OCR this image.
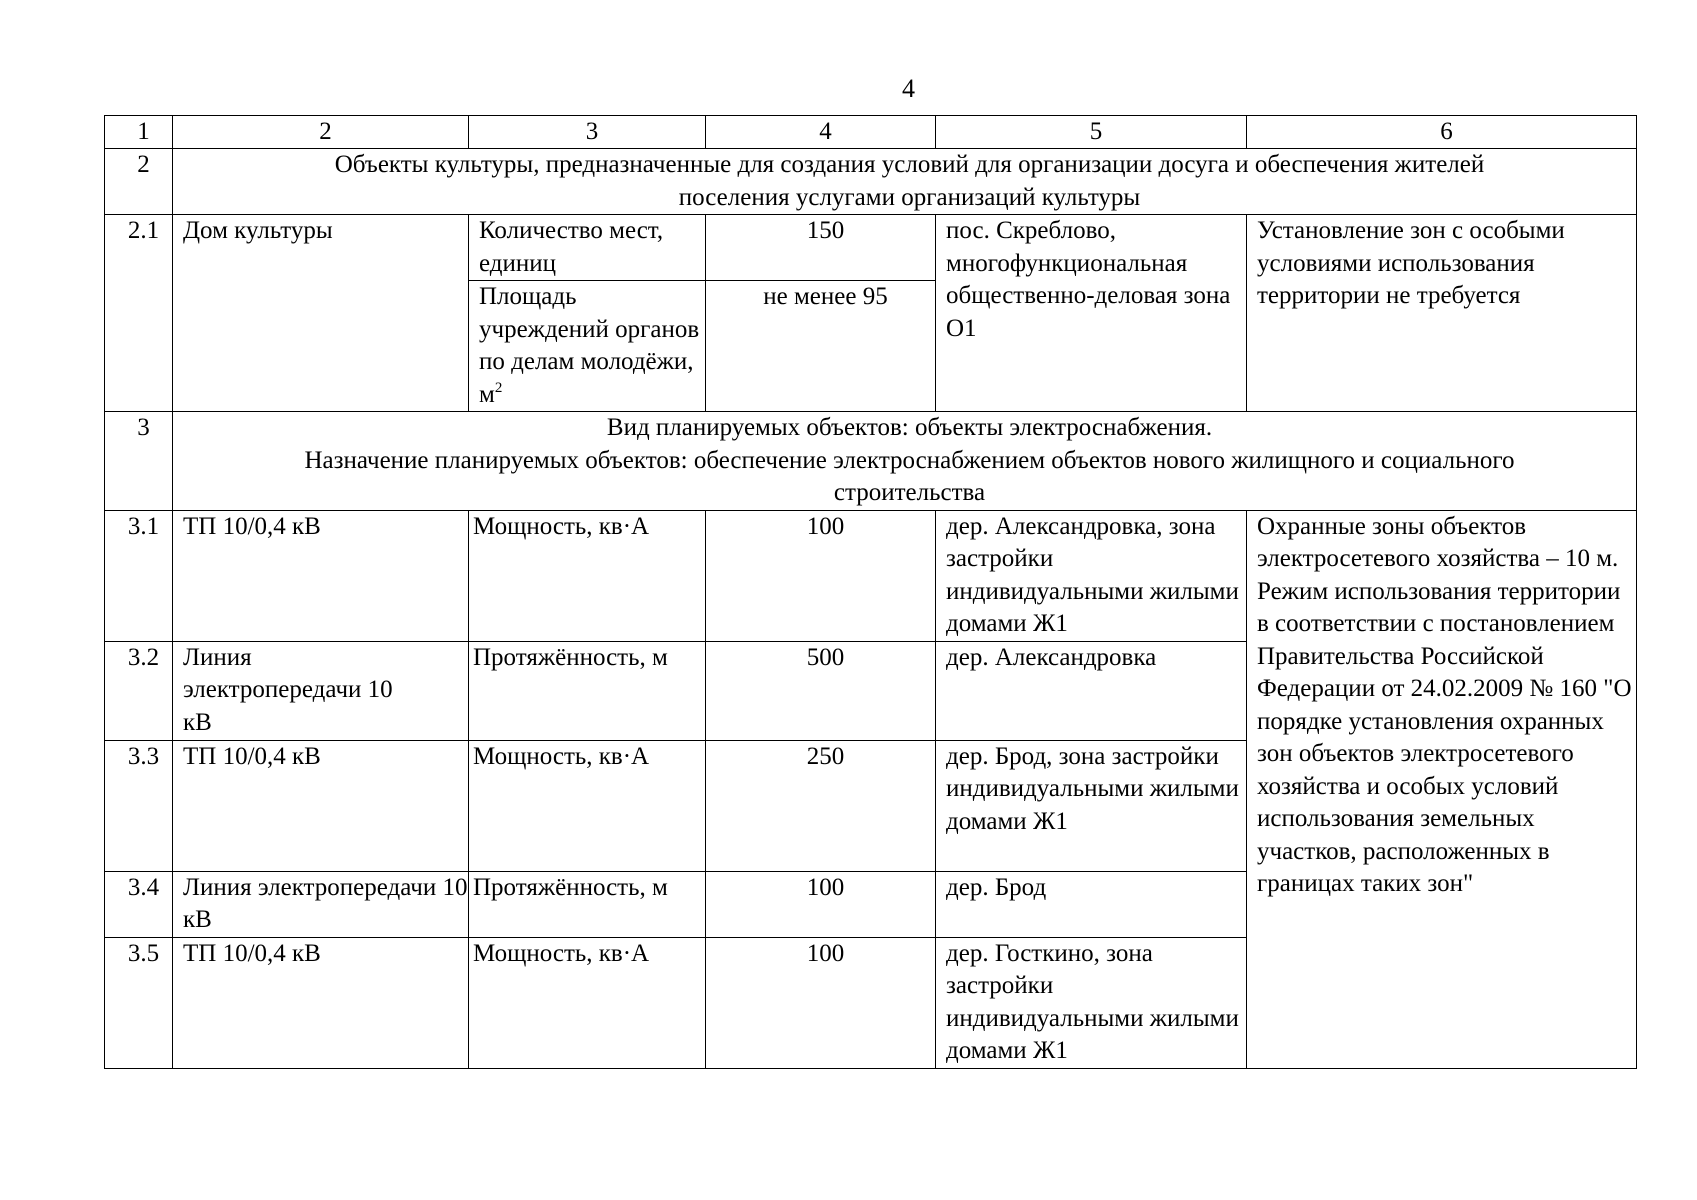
4
1	2	3	4	5	6
2	Объекты культуры, предназначенные для создания условий для организации досуга и обеспечения жителей
поселения услугами организаций культуры				
2.1	Дом культуры	Количество мест, единиц	150	пос. Скреблово, многофункциональная общественно-деловая зона О1	Установление зон с особыми условиями использования территории не требуется
		Площадь учреждений органов по делам молодёжи, $м^2$	не менее 95		
3	Вид планируемых объектов: объекты электроснабжения.
Назначение планируемых объектов: обеспечение электроснабжением объектов нового жилищного и социального
строительства				
3.1	ТП 10/0,4 кВ	Мощность, кв·А	100	дер. Александровка, зона застройки индивидуальными жилыми домами Ж1	Охранные зоны объектов электросетевого хозяйства – 10 м. Режим использования территории в соответствии с постановлением Правительства Российской Федерации от 24.02.2009 № 160 "О порядке установления охранных зон объектов электросетевого хозяйства и особых условий использования земельных участков, расположенных в границах таких зон"
3.2	Линия электропередачи 10 кВ	Протяжённость, м	500	дер. Александровка	
3.3	ТП 10/0,4 кВ	Мощность, кв·А	250	дер. Брод, зона застройки индивидуальными жилыми домами Ж1	
3.4	Линия электропередачи 10 кВ	Протяжённость, м	100	дер. Брод	
3.5	ТП 10/0,4 кВ	Мощность, кв·А	100	дер. Госткино, зона застройки индивидуальными жилыми домами Ж1	
